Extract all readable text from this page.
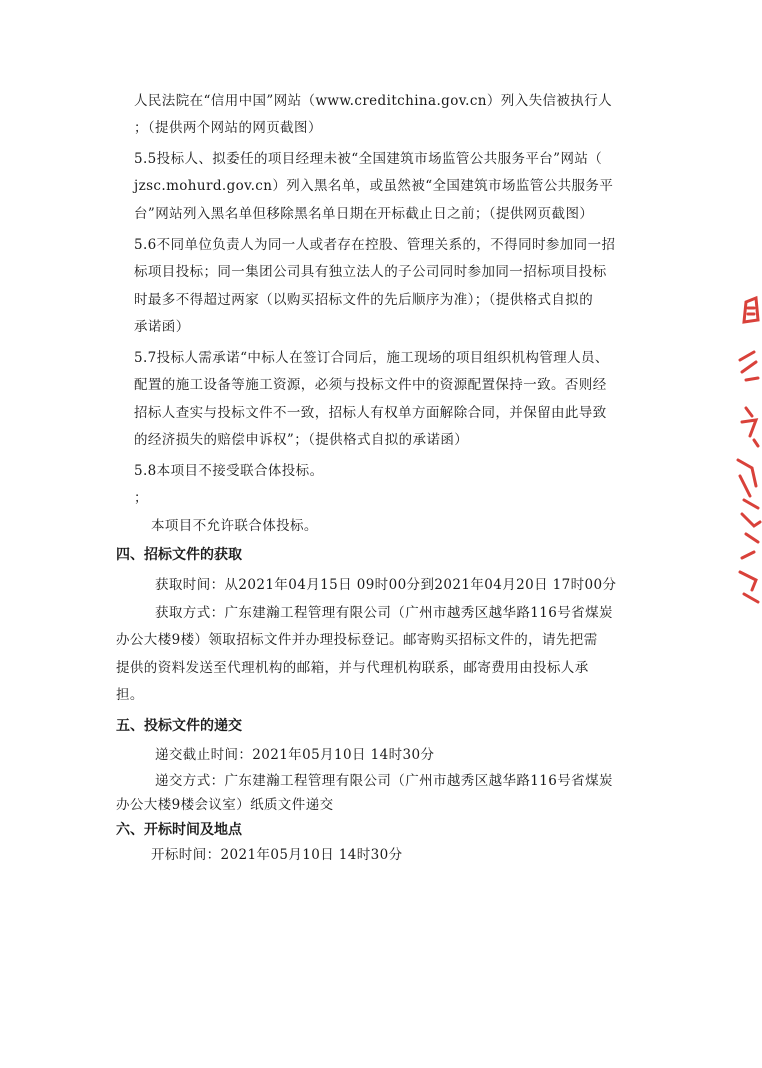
人民法院在“信用中国”网站（www.creditchina.gov.cn）列入失信被执行人
；（提供两个网站的网页截图）
5.5投标人、拟委任的项目经理未被“全国建筑市场监管公共服务平台”网站（
jzsc.mohurd.gov.cn）列入黑名单，或虽然被“全国建筑市场监管公共服务平
台”网站列入黑名单但移除黑名单日期在开标截止日之前；（提供网页截图）
5.6不同单位负责人为同一人或者存在控股、管理关系的，不得同时参加同一招
标项目投标；同一集团公司具有独立法人的子公司同时参加同一招标项目投标
时最多不得超过两家（以购买招标文件的先后顺序为准）；（提供格式自拟的
承诺函）
5.7投标人需承诺“中标人在签订合同后，施工现场的项目组织机构管理人员、
配置的施工设备等施工资源，必须与投标文件中的资源配置保持一致。否则经
招标人查实与投标文件不一致，招标人有权单方面解除合同，并保留由此导致
的经济损失的赔偿申诉权”；（提供格式自拟的承诺函）
5.8本项目不接受联合体投标。
；
本项目不允许联合体投标。
四、招标文件的获取
获取时间：从2021年04月15日 09时00分到2021年04月20日 17时00分
获取方式：广东建瀚工程管理有限公司（广州市越秀区越华路116号省煤炭
办公大楼9楼）领取招标文件并办理投标登记。邮寄购买招标文件的，请先把需
提供的资料发送至代理机构的邮箱，并与代理机构联系，邮寄费用由投标人承
担。
五、投标文件的递交
递交截止时间：2021年05月10日 14时30分
递交方式：广东建瀚工程管理有限公司（广州市越秀区越华路116号省煤炭
办公大楼9楼会议室）纸质文件递交
六、开标时间及地点
开标时间：2021年05月10日 14时30分
